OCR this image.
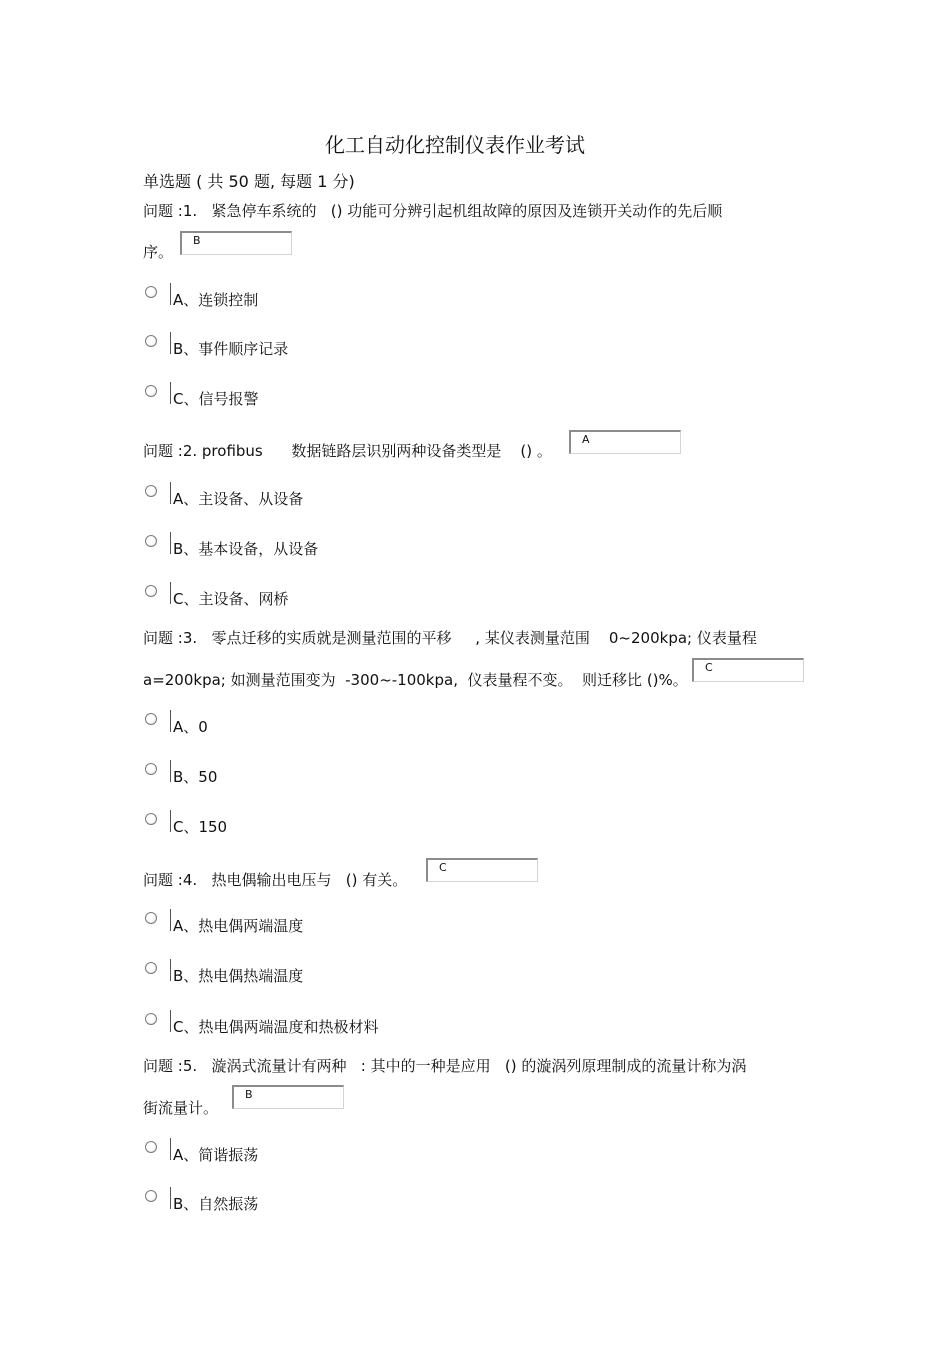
化工自动化控制仪表作业考试
单选题 ( 共 50 题, 每题 1 分)
问题 :1.   紧急停车系统的   () 功能可分辨引起机组故障的原因及连锁开关动作的先后顺
序。
B
A、连锁控制
B、事件顺序记录
C、信号报警
问题 :2. profibus      数据链路层识别两种设备类型是    () 。
A
A、主设备、从设备
B、基本设备，从设备
C、主设备、网桥
问题 :3.   零点迁移的实质就是测量范围的平移     , 某仪表测量范围    0~200kpa; 仪表量程
a=200kpa; 如测量范围变为  -300~-100kpa,  仪表量程不变。  则迁移比 ()%。
C
A、0
B、50
C、150
问题 :4.   热电偶输出电压与   () 有关。
C
A、热电偶两端温度
B、热电偶热端温度
C、热电偶两端温度和热极材料
问题 :5.   漩涡式流量计有两种   : 其中的一种是应用   () 的漩涡列原理制成的流量计称为涡
街流量计。
B
A、简谐振荡
B、自然振荡
